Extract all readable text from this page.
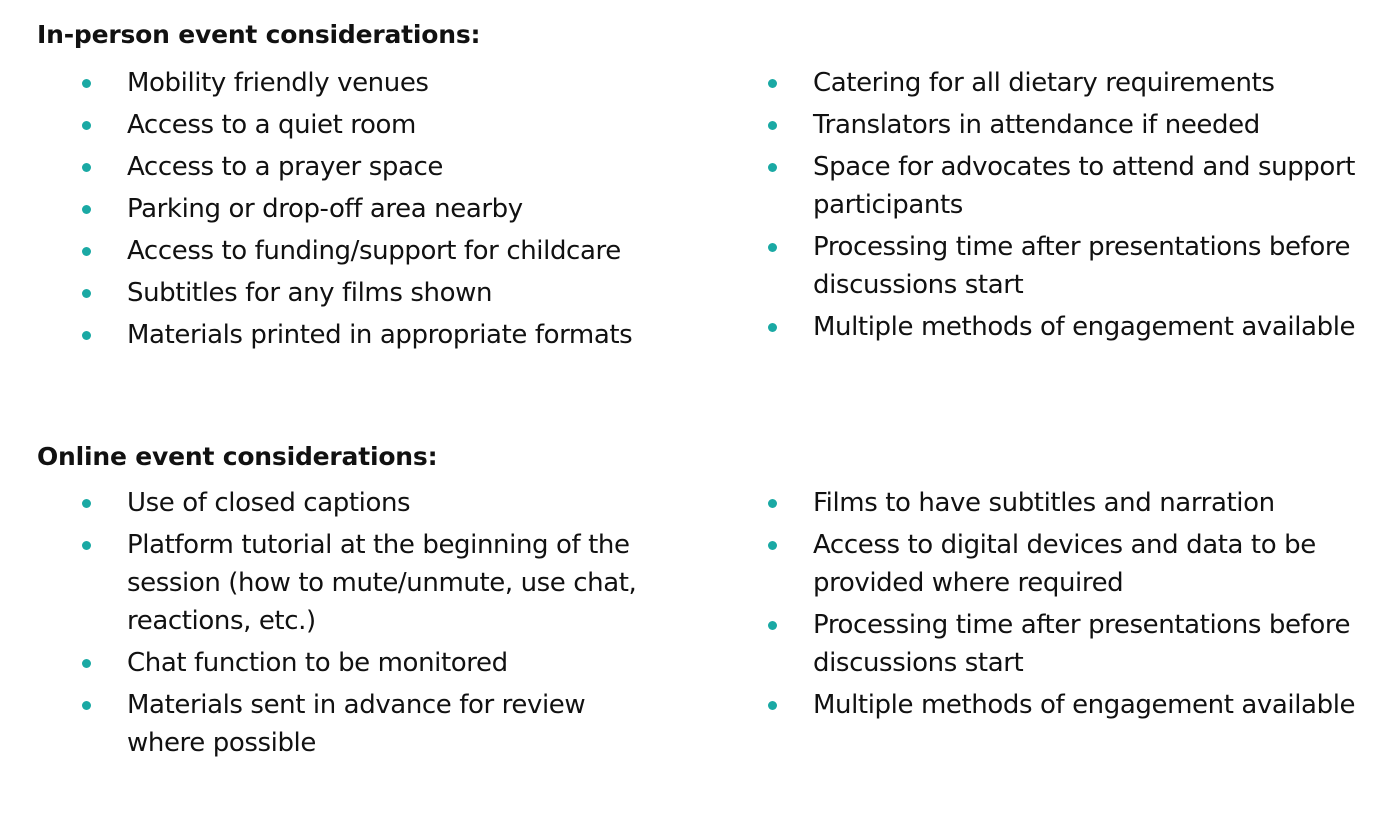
In-person event considerations:
Mobility friendly venues
Access to a quiet room
Access to a prayer space
Parking or drop-off area nearby
Access to funding/support for childcare
Subtitles for any films shown
Materials printed in appropriate formats
Catering for all dietary requirements
Translators in attendance if needed
Space for advocates to attend and support participants
Processing time after presentations before discussions start
Multiple methods of engagement available
Online event considerations:
Use of closed captions
Platform tutorial at the beginning of the session (how to mute/unmute, use chat, reactions, etc.)
Chat function to be monitored
Materials sent in advance for review where possible
Films to have subtitles and narration
Access to digital devices and data to be provided where required
Processing time after presentations before discussions start
Multiple methods of engagement available
